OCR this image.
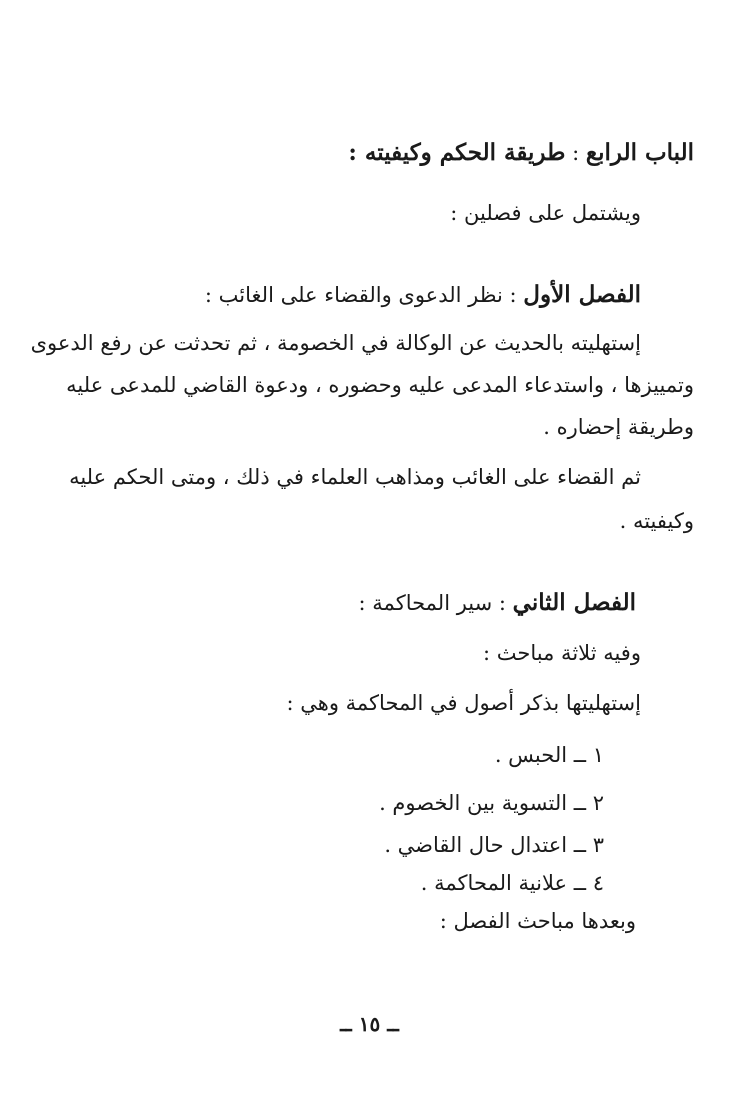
الباب الرابع : طريقة الحكم وكيفيته :
ويشتمل على فصلين :
الفصل الأول : نظر الدعوى والقضاء على الغائب :
إستهليته بالحديث عن الوكالة في الخصومة ، ثم تحدثت عن رفع الدعوى
وتمييزها ، واستدعاء المدعى عليه وحضوره ، ودعوة القاضي للمدعى عليه
وطريقة إحضاره .
ثم القضاء على الغائب ومذاهب العلماء في ذلك ، ومتى الحكم عليه
وكيفيته .
الفصل الثاني : سير المحاكمة :
وفيه ثلاثة مباحث :
إستهليتها بذكر أصول في المحاكمة وهي :
١ ــ الحبس .
٢ ــ التسوية بين الخصوم .
٣ ــ اعتدال حال القاضي .
٤ ــ علانية المحاكمة .
وبعدها مباحث الفصل :
ــ ١٥ ــ
